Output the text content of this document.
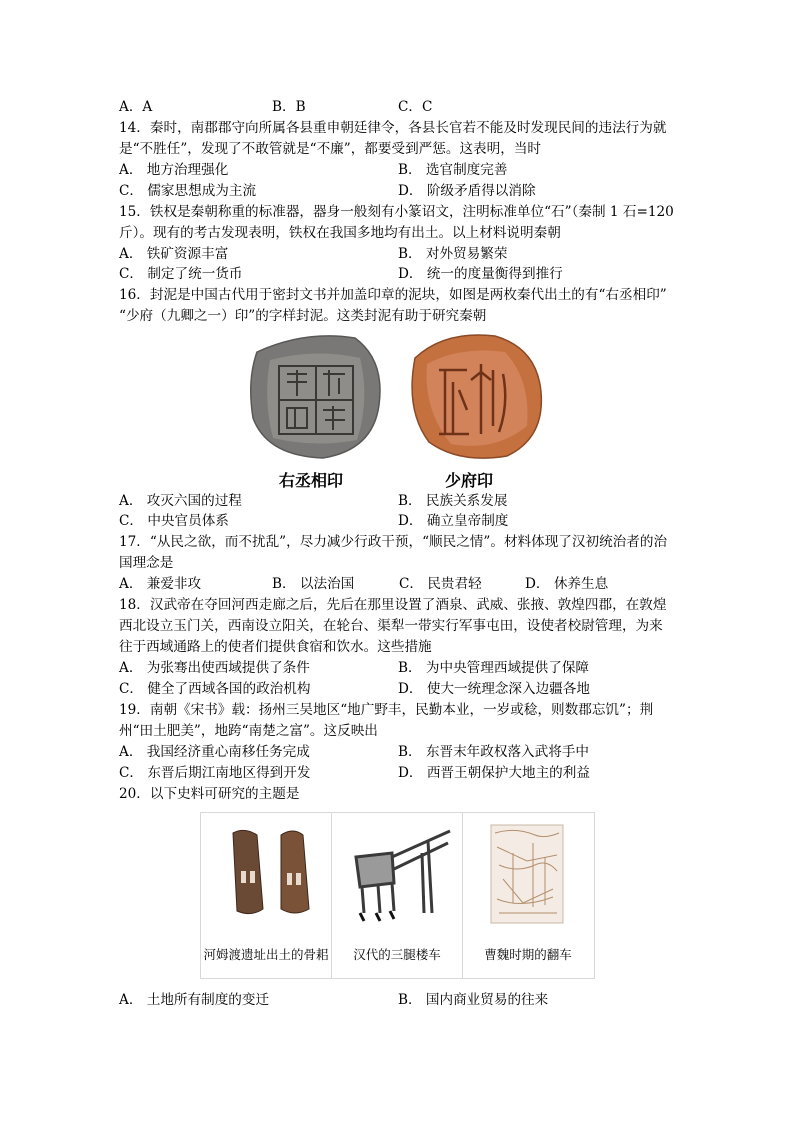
A．A	B．B	C．C
14．秦时，南郡郡守向所属各县重申朝廷律令，各县长官若不能及时发现民间的违法行为就
是“不胜任”，发现了不敢管就是“不廉”，都要受到严惩。这表明，当时
A． 地方治理强化	B． 选官制度完善
C． 儒家思想成为主流	D． 阶级矛盾得以消除
15．铁权是秦朝称重的标准器，器身一般刻有小篆诏文，注明标准单位“石”（秦制 1 石=120
斤）。现有的考古发现表明，铁权在我国多地均有出土。以上材料说明秦朝
A． 铁矿资源丰富	B． 对外贸易繁荣
C． 制定了统一货币	D． 统一的度量衡得到推行
16．封泥是中国古代用于密封文书并加盖印章的泥块，如图是两枚秦代出土的有“右丞相印”
“少府（九卿之一）印”的字样封泥。这类封泥有助于研究秦朝
右丞相印	少府印
A． 攻灭六国的过程	B． 民族关系发展
C． 中央官员体系	D． 确立皇帝制度
17．“从民之欲，而不扰乱”，尽力减少行政干预，“顺民之情”。材料体现了汉初统治者的治
国理念是
A． 兼爱非攻	B． 以法治国	C． 民贵君轻	D． 休养生息
18．汉武帝在夺回河西走廊之后，先后在那里设置了酒泉、武威、张掖、敦煌四郡，在敦煌
西北设立玉门关，西南设立阳关，在轮台、渠犁一带实行军事屯田，设使者校尉管理，为来
往于西域通路上的使者们提供食宿和饮水。这些措施
A． 为张骞出使西域提供了条件	B． 为中央管理西域提供了保障
C． 健全了西域各国的政治机构	D． 使大一统理念深入边疆各地
19．南朝《宋书》载：扬州三吴地区“地广野丰，民勤本业，一岁或稔，则数郡忘饥”；荆
州“田土肥美”，地跨“南楚之富”。这反映出
A． 我国经济重心南移任务完成	B． 东晋末年政权落入武将手中
C． 东晋后期江南地区得到开发	D． 西晋王朝保护大地主的利益
20．以下史料可研究的主题是
河姆渡遗址出土的骨耜	汉代的三腿楼车	曹魏时期的翻车
A． 土地所有制度的变迁	B． 国内商业贸易的往来
